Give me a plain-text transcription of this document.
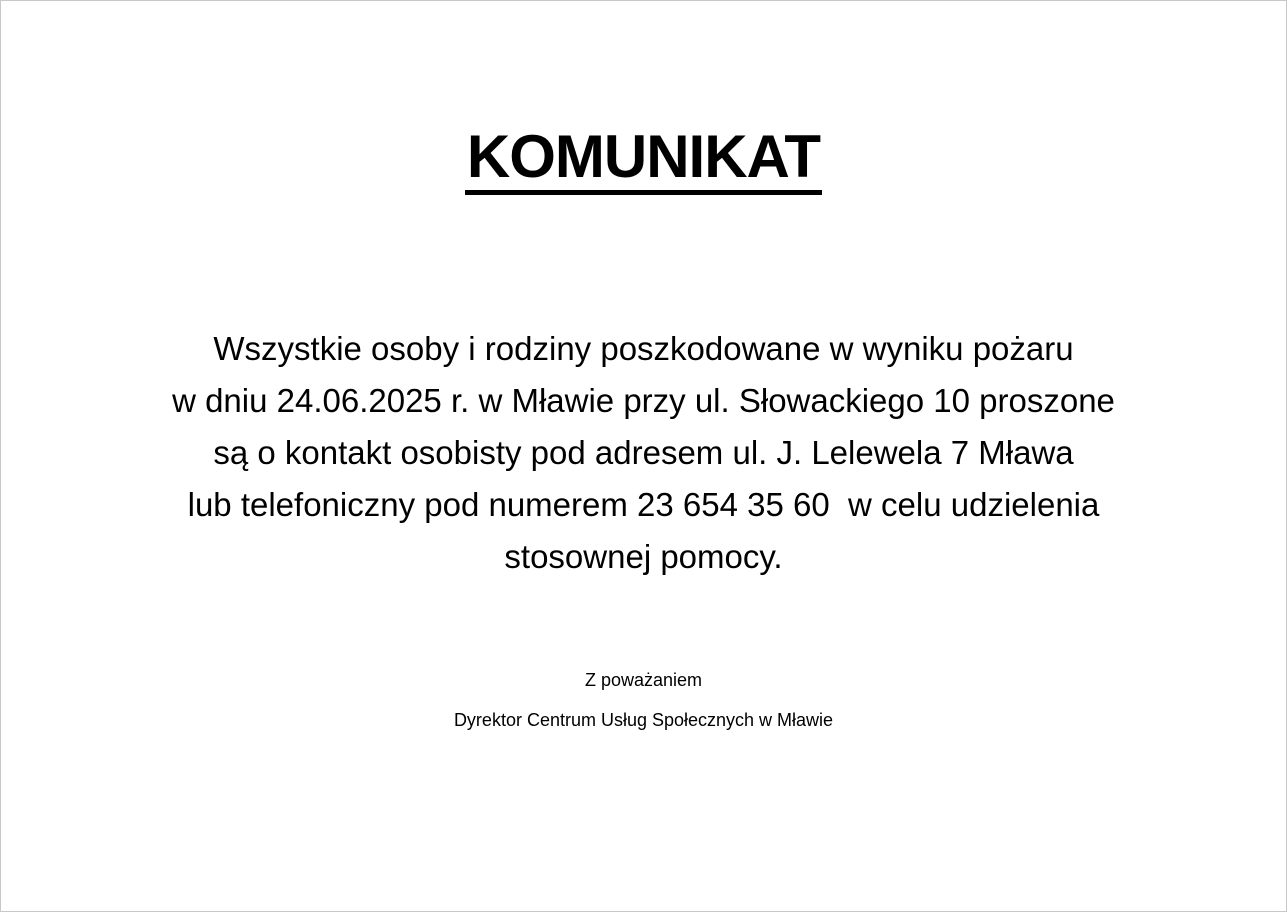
KOMUNIKAT
Wszystkie osoby i rodziny poszkodowane w wyniku pożaru
w dniu 24.06.2025 r. w Mławie przy ul. Słowackiego 10 proszone
są o kontakt osobisty pod adresem ul. J. Lelewela 7 Mława
lub telefoniczny pod numerem 23 654 35 60  w celu udzielenia
stosownej pomocy.
Z poważaniem
Dyrektor Centrum Usług Społecznych w Mławie
